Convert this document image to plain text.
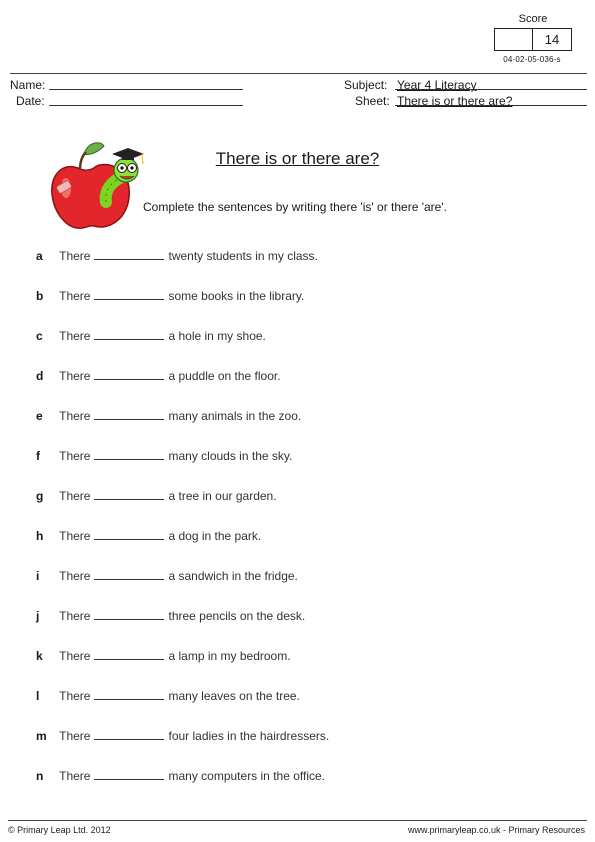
Score
14
04-02-05-036-s
Name:
Date:
Subject: Year 4 Literacy
Sheet: There is or there are?
There is or there are?
Complete the sentences by writing there 'is' or there 'are'.
a There	twenty students in my class.
b There	some books in the library.
c There	a hole in my shoe.
d There	a puddle on the floor.
e There	many animals in the zoo.
f There	many clouds in the sky.
g There	a tree in our garden.
h There	a dog in the park.
i There	a sandwich in the fridge.
j There	three pencils on the desk.
k There	a lamp in my bedroom.
l There	many leaves on the tree.
m There	four ladies in the hairdressers.
n There	many computers in the office.
© Primary Leap Ltd. 2012	www.primaryleap.co.uk - Primary Resources
